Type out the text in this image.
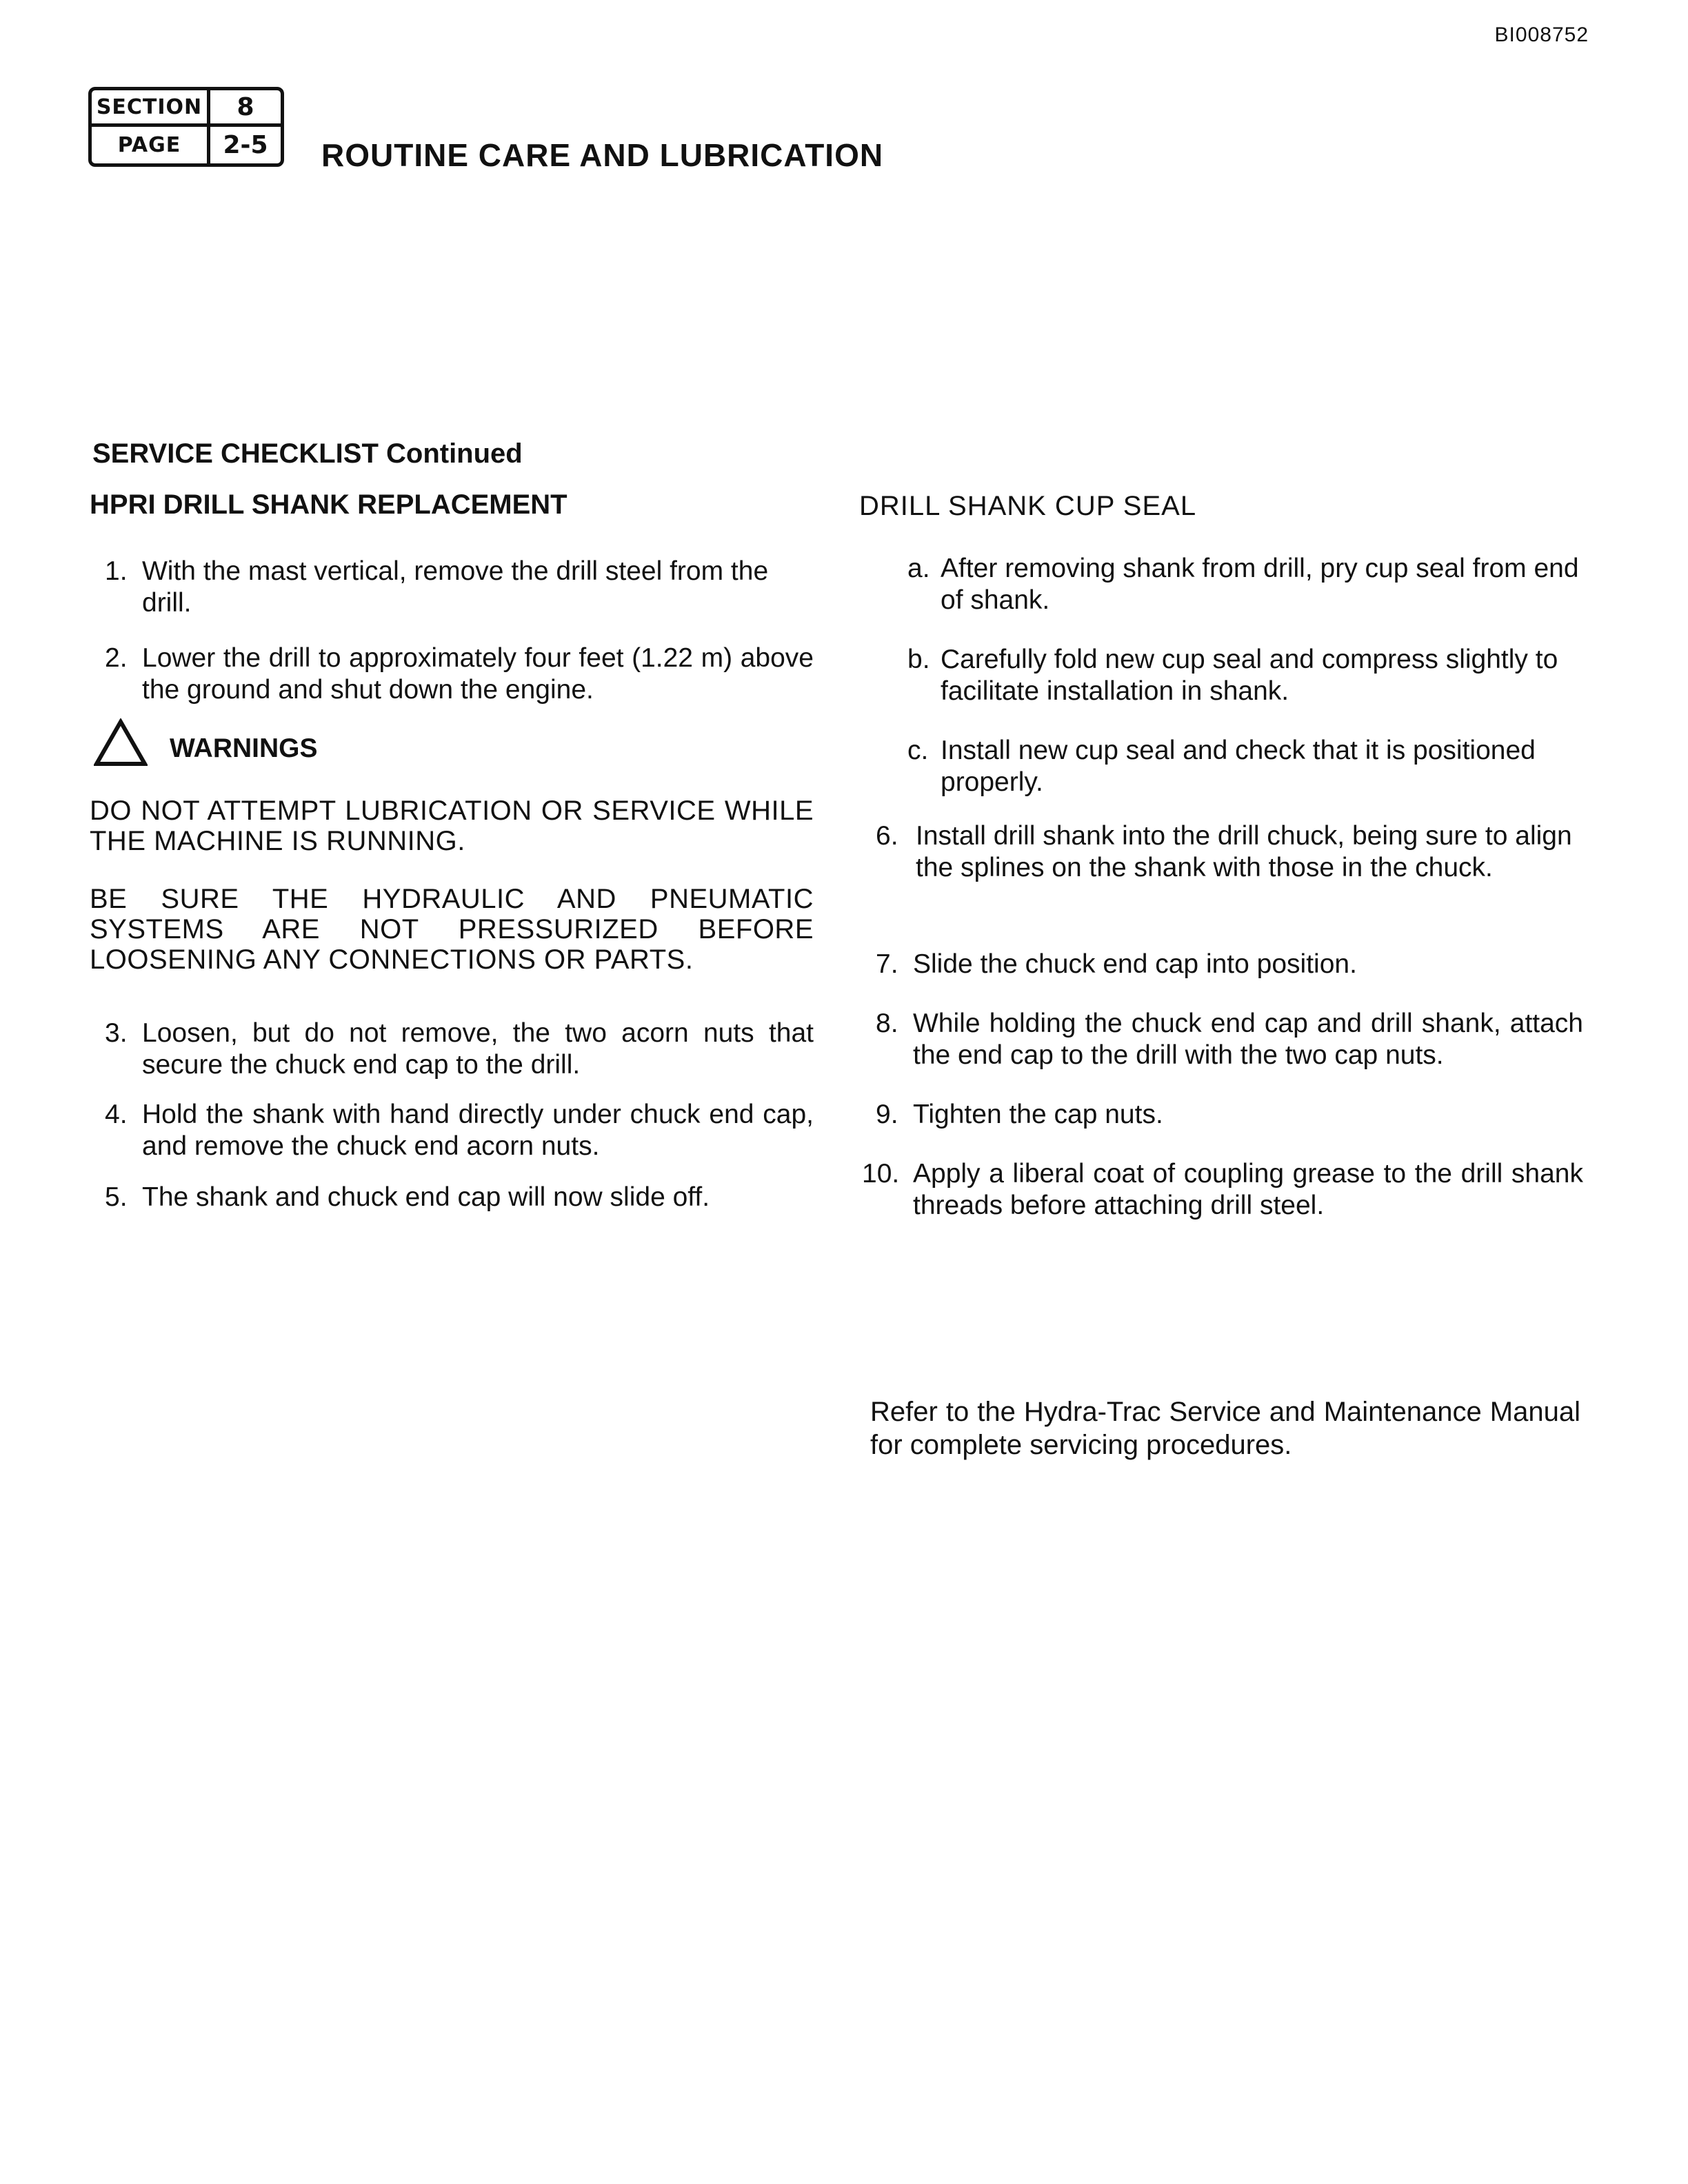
BI008752
SECTION	8
PAGE	2-5	ROUTINE CARE AND LUBRICATION
SERVICE CHECKLIST Continued
HPRI DRILL SHANK REPLACEMENT	DRILL SHANK CUP SEAL
1. With the mast vertical, remove the drill steel from the drill.
2. Lower the drill to approximately four feet (1.22 m) above the ground and shut down the engine.
WARNINGS
DO NOT ATTEMPT LUBRICATION OR SERVICE WHILE THE MACHINE IS RUNNING.
BE SURE THE HYDRAULIC AND PNEUMATIC SYSTEMS ARE NOT PRESSURIZED BEFORE LOOSENING ANY CONNECTIONS OR PARTS.
3. Loosen, but do not remove, the two acorn nuts that secure the chuck end cap to the drill.
4. Hold the shank with hand directly under chuck end cap, and remove the chuck end acorn nuts.
5. The shank and chuck end cap will now slide off.
a. After removing shank from drill, pry cup seal from end of shank.
b. Carefully fold new cup seal and compress slightly to facilitate installation in shank.
c. Install new cup seal and check that it is positioned properly.
6. Install drill shank into the drill chuck, being sure to align the splines on the shank with those in the chuck.
7. Slide the chuck end cap into position.
8. While holding the chuck end cap and drill shank, attach the end cap to the drill with the two cap nuts.
9. Tighten the cap nuts.
10. Apply a liberal coat of coupling grease to the drill shank threads before attaching drill steel.
Refer to the Hydra-Trac Service and Maintenance Manual for complete servicing procedures.
